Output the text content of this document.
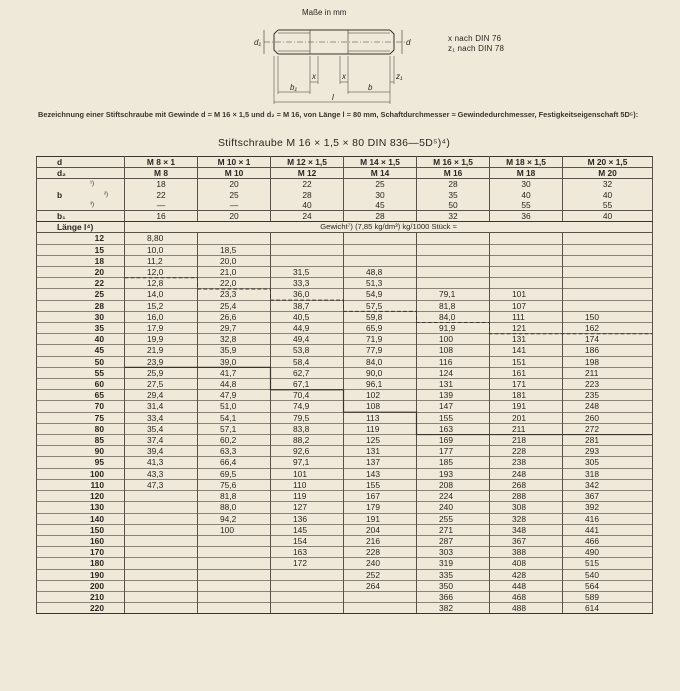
Maße in mm
d₁	d
x	x
b₁	b
z₁
l
x nach DIN 76
z₁ nach DIN 78
Bezeichnung einer Stiftschraube mit Gewinde d = M 16 × 1,5 und d₂ = M 16, von Länge l = 80 mm, Schaftdurchmesser ≈ Gewindedurchmesser, Festigkeitseigenschaft 5D⁵):
Stiftschraube M 16 × 1,5 × 80 DIN 836—5D⁵)⁴)
d	M 8 × 1	M 10 × 1	M 12 × 1,5	M 14 × 1,5	M 16 × 1,5	M 18 × 1,5	M 20 × 1,5
d₂	M 8	M 10	M 12	M 14	M 16	M 18	M 20
¹)	18	20	22	25	28	30	32
b ²)	22	25	28	30	35	40	40
³)	—	—	40	45	50	55	55
b₁	16	20	24	28	32	36	40
Länge l⁴)	Gewicht⁷) (7,85 kg/dm³) kg/1000 Stück ≈						
12	8,80						
15	10,0	18,5					
18	11,2	20,0					
20	12,0	21,0	31,5	48,8			
22	12,8	22,0	33,3	51,3			
25	14,0	23,3	36,0	54,9	79,1	101	
28	15,2	25,4	38,7	57,5	81,8	107	
30	16,0	26,6	40,5	59,8	84,0	111	150
35	17,9	29,7	44,9	65,9	91,9	121	162
40	19,9	32,8	49,4	71,9	100	131	174
45	21,9	35,9	53,8	77,9	108	141	186
50	23,9	39,0	58,4	84,0	116	151	198
55	25,9	41,7	62,7	90,0	124	161	211
60	27,5	44,8	67,1	96,1	131	171	223
65	29,4	47,9	70,4	102	139	181	235
70	31,4	51,0	74,9	108	147	191	248
75	33,4	54,1	79,5	113	155	201	260
80	35,4	57,1	83,8	119	163	211	272
85	37,4	60,2	88,2	125	169	218	281
90	39,4	63,3	92,6	131	177	228	293
95	41,3	66,4	97,1	137	185	238	305
100	43,3	69,5	101	143	193	248	318
110	47,3	75,6	110	155	208	268	342
120		81,8	119	167	224	288	367
130		88,0	127	179	240	308	392
140		94,2	136	191	255	328	416
150		100	145	204	271	348	441
160			154	216	287	367	466
170			163	228	303	388	490
180			172	240	319	408	515
190				252	335	428	540
200				264	350	448	564
210					366	468	589
220					382	488	614
